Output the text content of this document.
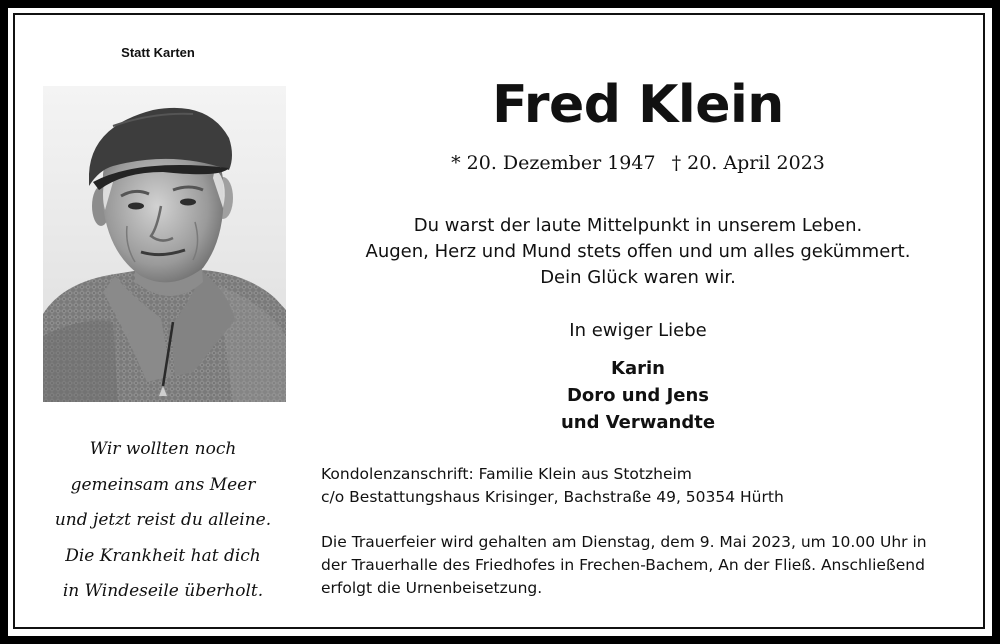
Statt Karten
Wir wollten noch
gemeinsam ans Meer
und jetzt reist du alleine.
Die Krankheit hat dich
in Windeseile überholt.
Fred Klein
* 20. Dezember 1947 † 20. April 2023
Du warst der laute Mittelpunkt in unserem Leben.
Augen, Herz und Mund stets offen und um alles gekümmert.
Dein Glück waren wir.
In ewiger Liebe
Karin
Doro und Jens
und Verwandte
Kondolenzanschrift: Familie Klein aus Stotzheim
c/o Bestattungshaus Krisinger, Bachstraße 49, 50354 Hürth
Die Trauerfeier wird gehalten am Dienstag, dem 9. Mai 2023, um 10.00 Uhr in
der Trauerhalle des Friedhofes in Frechen-Bachem, An der Fließ. Anschließend
erfolgt die Urnenbeisetzung.
